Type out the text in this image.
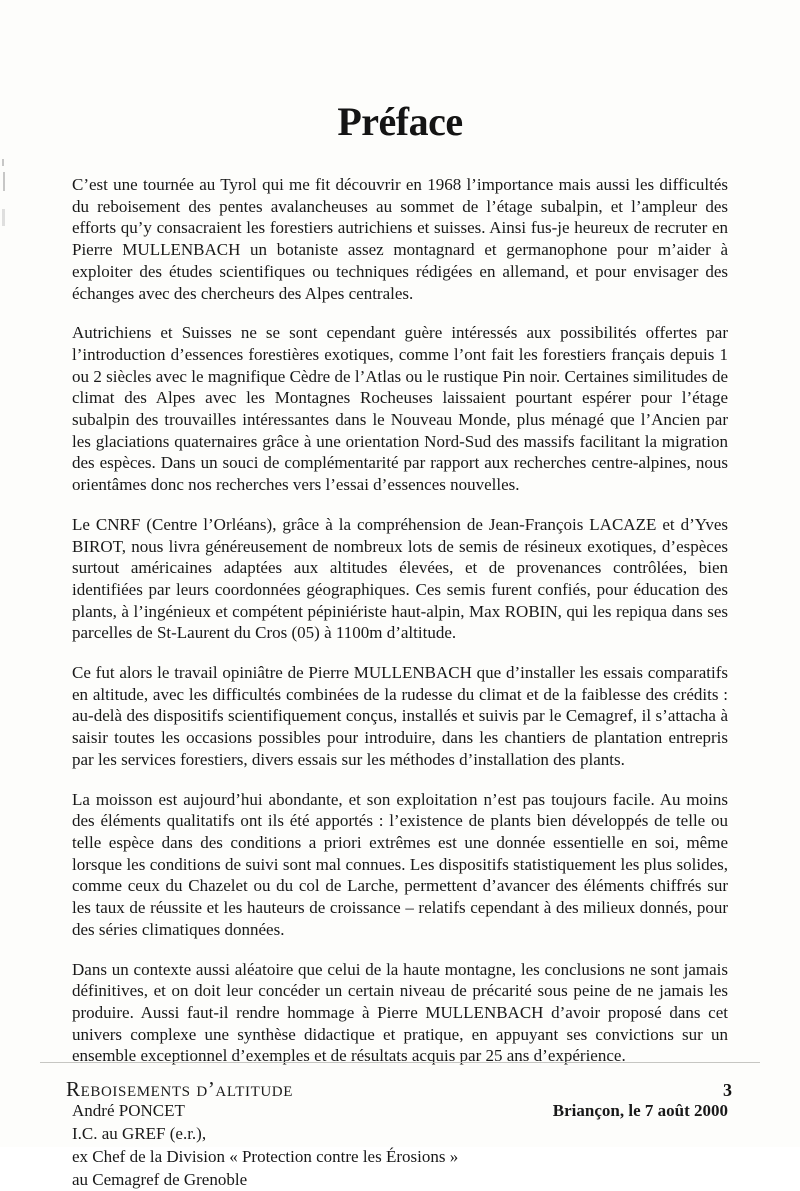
Préface

C’est une tournée au Tyrol qui me fit découvrir en 1968 l’importance mais aussi les difficultés du reboisement des pentes avalancheuses au sommet de l’étage subalpin, et l’ampleur des efforts qu’y consacraient les forestiers autrichiens et suisses. Ainsi fus-je heureux de recruter en Pierre MULLENBACH un botaniste assez montagnard et germanophone pour m’aider à exploiter des études scientifiques ou techniques rédigées en allemand, et pour envisager des échanges avec des chercheurs des Alpes centrales.

Autrichiens et Suisses ne se sont cependant guère intéressés aux possibilités offertes par l’introduction d’essences forestières exotiques, comme l’ont fait les forestiers français depuis 1 ou 2 siècles avec le magnifique Cèdre de l’Atlas ou le rustique Pin noir. Certaines similitudes de climat des Alpes avec les Montagnes Rocheuses laissaient pourtant espérer pour l’étage subalpin des trouvailles intéressantes dans le Nouveau Monde, plus ménagé que l’Ancien par les glaciations quaternaires grâce à une orientation Nord-Sud des massifs facilitant la migration des espèces. Dans un souci de complémentarité par rapport aux recherches centre-alpines, nous orientâmes donc nos recherches vers l’essai d’essences nouvelles.

Le CNRF (Centre l’Orléans), grâce à la compréhension de Jean-François LACAZE et d’Yves BIROT, nous livra généreusement de nombreux lots de semis de résineux exotiques, d’espèces surtout américaines adaptées aux altitudes élevées, et de provenances contrôlées, bien identifiées par leurs coordonnées géographiques. Ces semis furent confiés, pour éducation des plants, à l’ingénieux et compétent pépiniériste haut-alpin, Max ROBIN, qui les repiqua dans ses parcelles de St-Laurent du Cros (05) à 1100m d’altitude.

Ce fut alors le travail opiniâtre de Pierre MULLENBACH que d’installer les essais comparatifs en altitude, avec les difficultés combinées de la rudesse du climat et de la faiblesse des crédits : au-delà des dispositifs scientifiquement conçus, installés et suivis par le Cemagref, il s’attacha à saisir toutes les occasions possibles pour introduire, dans les chantiers de plantation entrepris par les services forestiers, divers essais sur les méthodes d’installation des plants.

La moisson est aujourd’hui abondante, et son exploitation n’est pas toujours facile. Au moins des éléments qualitatifs ont ils été apportés : l’existence de plants bien développés de telle ou telle espèce dans des conditions a priori extrêmes est une donnée essentielle en soi, même lorsque les conditions de suivi sont mal connues. Les dispositifs statistiquement les plus solides, comme ceux du Chazelet ou du col de Larche, permettent d’avancer des éléments chiffrés sur les taux de réussite et les hauteurs de croissance – relatifs cependant à des milieux donnés, pour des séries climatiques données.

Dans un contexte aussi aléatoire que celui de la haute montagne, les conclusions ne sont jamais définitives, et on doit leur concéder un certain niveau de précarité sous peine de ne jamais les produire. Aussi faut-il rendre hommage à Pierre MULLENBACH d’avoir proposé dans cet univers complexe une synthèse didactique et pratique, en appuyant ses convictions sur un ensemble exceptionnel d’exemples et de résultats acquis par 25 ans d’expérience.

André PONCET	Briançon, le 7 août 2000
I.C. au GREF (e.r.),
ex Chef de la Division « Protection contre les Érosions »
au Cemagref de Grenoble
Reboisements d’altitude	3
